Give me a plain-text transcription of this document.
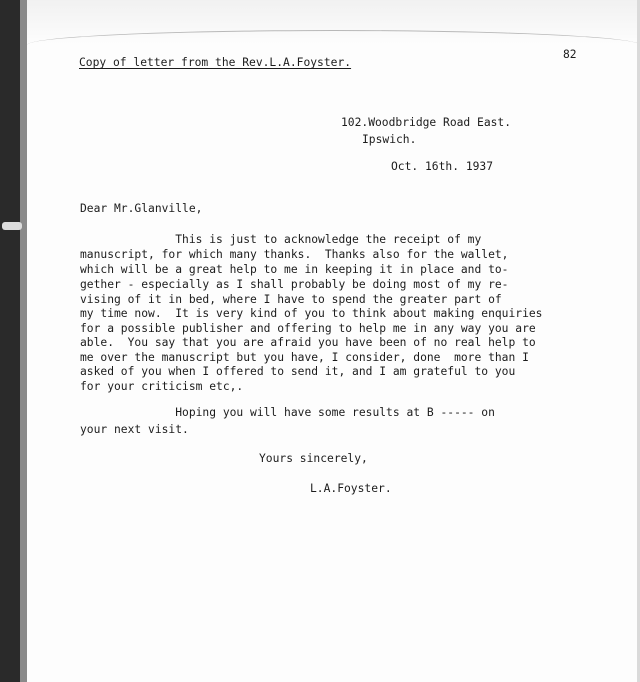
Copy of letter from the Rev.L.A.Foyster.
82
102.Woodbridge Road East.
Ipswich.
Oct. 16th. 1937
Dear Mr.Glanville,
This is just to acknowledge the receipt of my
manuscript, for which many thanks.  Thanks also for the wallet,
which will be a great help to me in keeping it in place and to-
gether - especially as I shall probably be doing most of my re-
vising of it in bed, where I have to spend the greater part of
my time now.  It is very kind of you to think about making enquiries
for a possible publisher and offering to help me in any way you are
able.  You say that you are afraid you have been of no real help to
me over the manuscript but you have, I consider, done  more than I
asked of you when I offered to send it, and I am grateful to you
for your criticism etc,.
Hoping you will have some results at B ----- on
your next visit.
Yours sincerely,
L.A.Foyster.
